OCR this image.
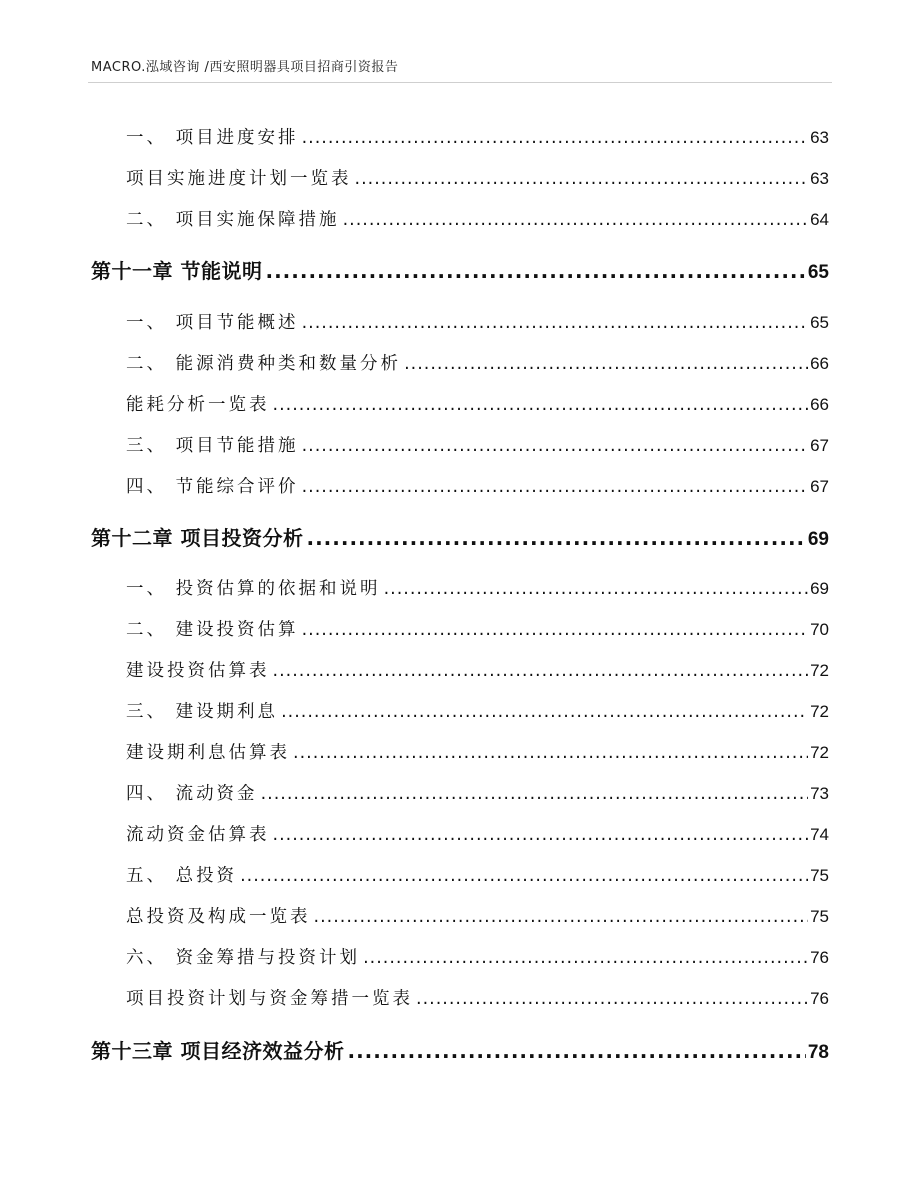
MACRO.泓域咨询 /西安照明器具项目招商引资报告
一、 项目进度安排 .....	63
项目实施进度计划一览表 .....	63
二、 项目实施保障措施 .....	64
第十一章 节能说明 .....	65
一、 项目节能概述 .....	65
二、 能源消费种类和数量分析 .....	66
能耗分析一览表 .....	66
三、 项目节能措施 .....	67
四、 节能综合评价 .....	67
第十二章 项目投资分析 .....	69
一、 投资估算的依据和说明 .....	69
二、 建设投资估算 .....	70
建设投资估算表 .....	72
三、 建设期利息 .....	72
建设期利息估算表 .....	72
四、 流动资金 .....	73
流动资金估算表 .....	74
五、 总投资 .....	75
总投资及构成一览表 .....	75
六、 资金筹措与投资计划 .....	76
项目投资计划与资金筹措一览表 .....	76
第十三章 项目经济效益分析 .....	78
